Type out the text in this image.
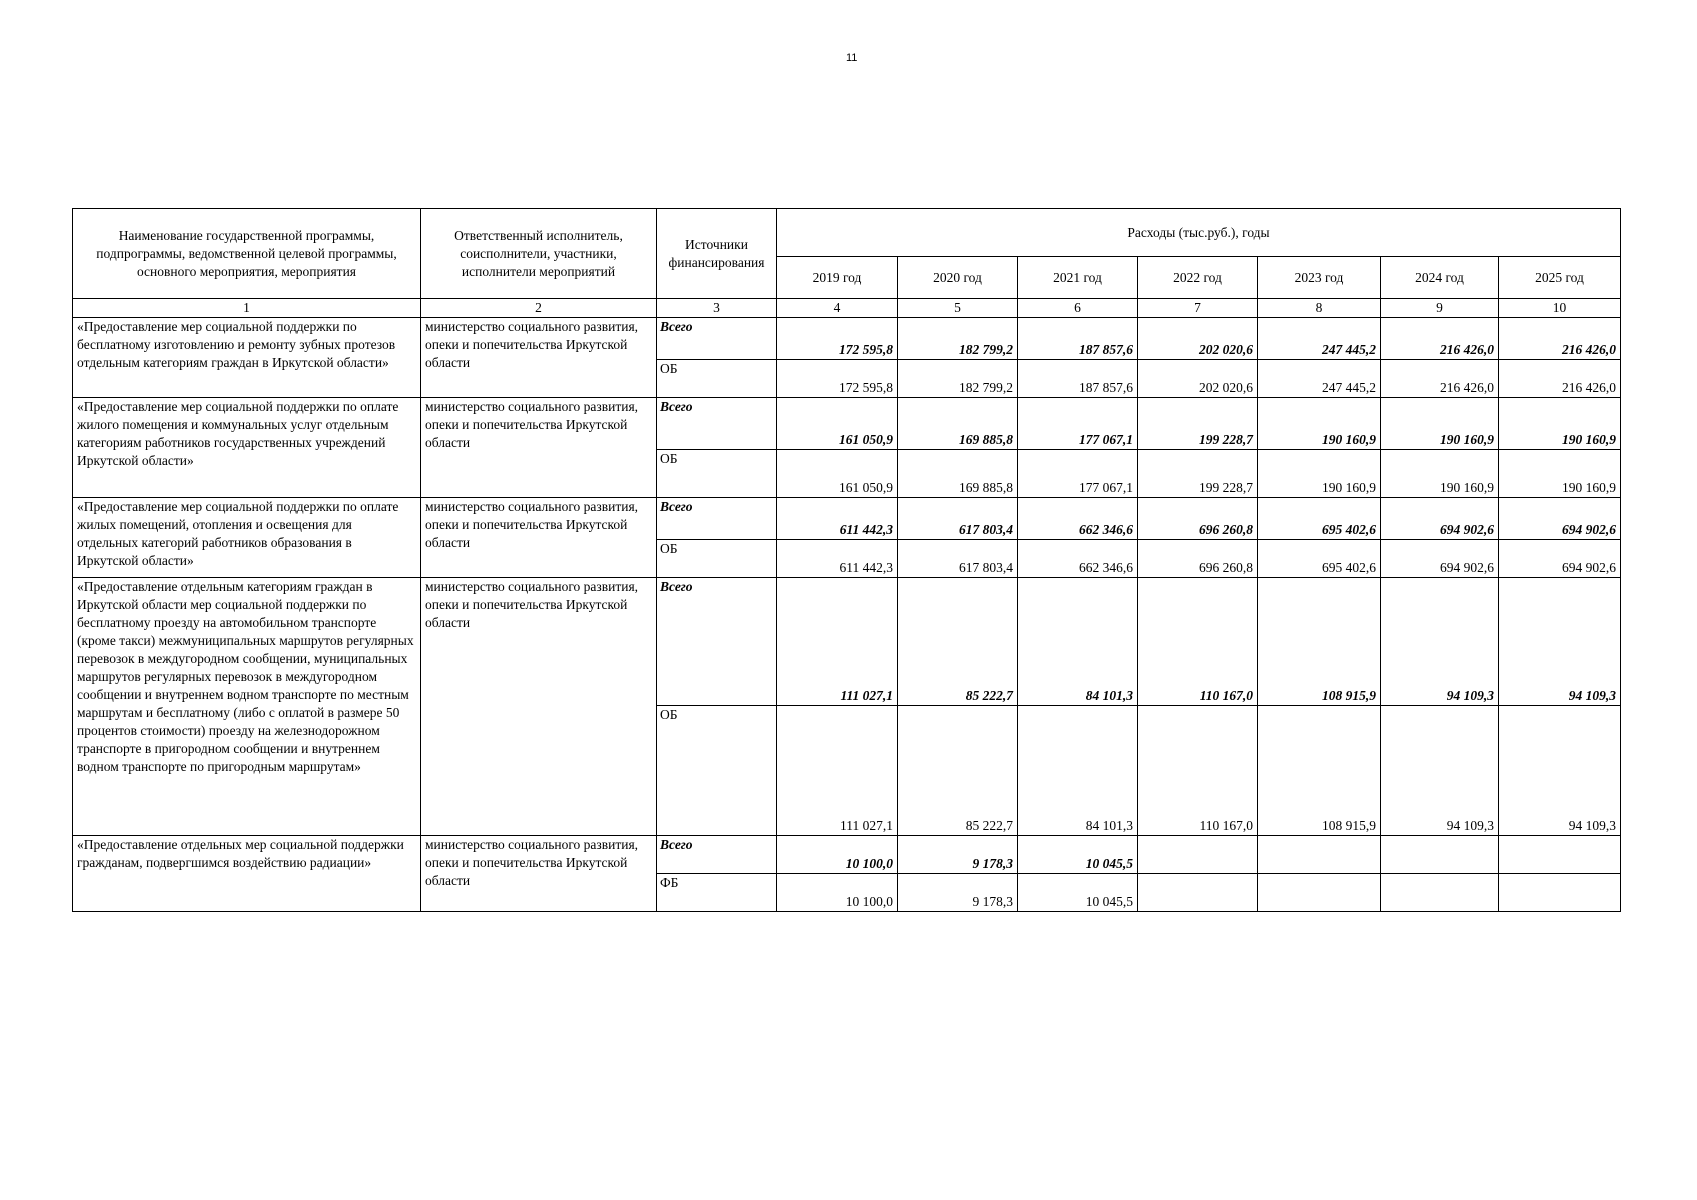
11
Наименование государственной программы, подпрограммы, ведомственной целевой программы, основного мероприятия, мероприятия	Ответственный исполнитель, соисполнители, участники, исполнители мероприятий	Источники финансирования	Расходы (тыс.руб.), годы						
			2019 год	2020 год	2021 год	2022 год	2023 год	2024 год	2025 год
1	2	3	4	5	6	7	8	9	10
«Предоставление мер социальной поддержки по бесплатному изготовлению и ремонту зубных протезов отдельным категориям граждан в Иркутской области»	министерство социального развития, опеки и попечительства Иркутской области	Всего	172 595,8	182 799,2	187 857,6	202 020,6	247 445,2	216 426,0	216 426,0
		ОБ	172 595,8	182 799,2	187 857,6	202 020,6	247 445,2	216 426,0	216 426,0
«Предоставление мер социальной поддержки по оплате жилого помещения и коммунальных услуг отдельным категориям работников государственных учреждений Иркутской области»	министерство социального развития, опеки и попечительства Иркутской области	Всего	161 050,9	169 885,8	177 067,1	199 228,7	190 160,9	190 160,9	190 160,9
		ОБ	161 050,9	169 885,8	177 067,1	199 228,7	190 160,9	190 160,9	190 160,9
«Предоставление мер социальной поддержки по оплате жилых помещений, отопления и освещения для отдельных категорий работников образования в Иркутской области»	министерство социального развития, опеки и попечительства Иркутской области	Всего	611 442,3	617 803,4	662 346,6	696 260,8	695 402,6	694 902,6	694 902,6
		ОБ	611 442,3	617 803,4	662 346,6	696 260,8	695 402,6	694 902,6	694 902,6
«Предоставление отдельным категориям граждан в Иркутской области мер социальной поддержки по бесплатному проезду на автомобильном транспорте (кроме такси) межмуниципальных маршрутов регулярных перевозок в междугородном сообщении, муниципальных маршрутов регулярных перевозок в междугородном сообщении и внутреннем водном транспорте по местным маршрутам и бесплатному (либо с оплатой в размере 50 процентов стоимости) проезду на железнодорожном транспорте в пригородном сообщении и внутреннем водном транспорте по пригородным маршрутам»	министерство социального развития, опеки и попечительства Иркутской области	Всего	111 027,1	85 222,7	84 101,3	110 167,0	108 915,9	94 109,3	94 109,3
		ОБ	111 027,1	85 222,7	84 101,3	110 167,0	108 915,9	94 109,3	94 109,3
«Предоставление отдельных мер социальной поддержки гражданам, подвергшимся воздействию радиации»	министерство социального развития, опеки и попечительства Иркутской области	Всего	10 100,0	9 178,3	10 045,5				
		ФБ	10 100,0	9 178,3	10 045,5				
